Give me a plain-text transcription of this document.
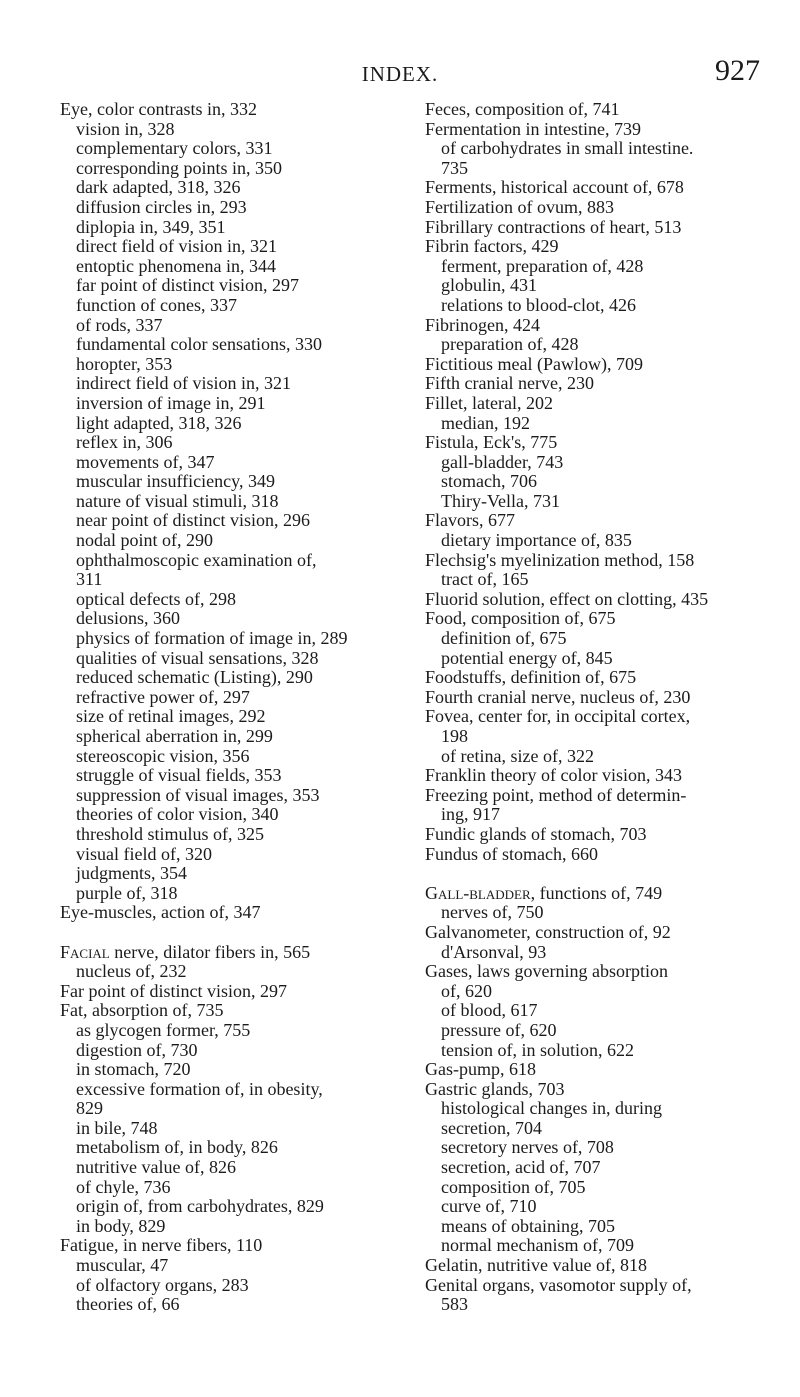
INDEX.	927
Eye, color contrasts in, 332
vision in, 328
complementary colors, 331
corresponding points in, 350
dark adapted, 318, 326
diffusion circles in, 293
diplopia in, 349, 351
direct field of vision in, 321
entoptic phenomena in, 344
far point of distinct vision, 297
function of cones, 337
of rods, 337
fundamental color sensations, 330
horopter, 353
indirect field of vision in, 321
inversion of image in, 291
light adapted, 318, 326
reflex in, 306
movements of, 347
muscular insufficiency, 349
nature of visual stimuli, 318
near point of distinct vision, 296
nodal point of, 290
ophthalmoscopic examination of,
311
optical defects of, 298
delusions, 360
physics of formation of image in, 289
qualities of visual sensations, 328
reduced schematic (Listing), 290
refractive power of, 297
size of retinal images, 292
spherical aberration in, 299
stereoscopic vision, 356
struggle of visual fields, 353
suppression of visual images, 353
theories of color vision, 340
threshold stimulus of, 325
visual field of, 320
judgments, 354
purple of, 318
Eye-muscles, action of, 347
Facial nerve, dilator fibers in, 565
nucleus of, 232
Far point of distinct vision, 297
Fat, absorption of, 735
as glycogen former, 755
digestion of, 730
in stomach, 720
excessive formation of, in obesity,
829
in bile, 748
metabolism of, in body, 826
nutritive value of, 826
of chyle, 736
origin of, from carbohydrates, 829
in body, 829
Fatigue, in nerve fibers, 110
muscular, 47
of olfactory organs, 283
theories of, 66
Feces, composition of, 741
Fermentation in intestine, 739
of carbohydrates in small intestine.
735
Ferments, historical account of, 678
Fertilization of ovum, 883
Fibrillary contractions of heart, 513
Fibrin factors, 429
ferment, preparation of, 428
globulin, 431
relations to blood-clot, 426
Fibrinogen, 424
preparation of, 428
Fictitious meal (Pawlow), 709
Fifth cranial nerve, 230
Fillet, lateral, 202
median, 192
Fistula, Eck's, 775
gall-bladder, 743
stomach, 706
Thiry-Vella, 731
Flavors, 677
dietary importance of, 835
Flechsig's myelinization method, 158
tract of, 165
Fluorid solution, effect on clotting, 435
Food, composition of, 675
definition of, 675
potential energy of, 845
Foodstuffs, definition of, 675
Fourth cranial nerve, nucleus of, 230
Fovea, center for, in occipital cortex,
198
of retina, size of, 322
Franklin theory of color vision, 343
Freezing point, method of determin-
ing, 917
Fundic glands of stomach, 703
Fundus of stomach, 660
Gall-bladder, functions of, 749
nerves of, 750
Galvanometer, construction of, 92
d'Arsonval, 93
Gases, laws governing absorption
of, 620
of blood, 617
pressure of, 620
tension of, in solution, 622
Gas-pump, 618
Gastric glands, 703
histological changes in, during
secretion, 704
secretory nerves of, 708
secretion, acid of, 707
composition of, 705
curve of, 710
means of obtaining, 705
normal mechanism of, 709
Gelatin, nutritive value of, 818
Genital organs, vasomotor supply of,
583
